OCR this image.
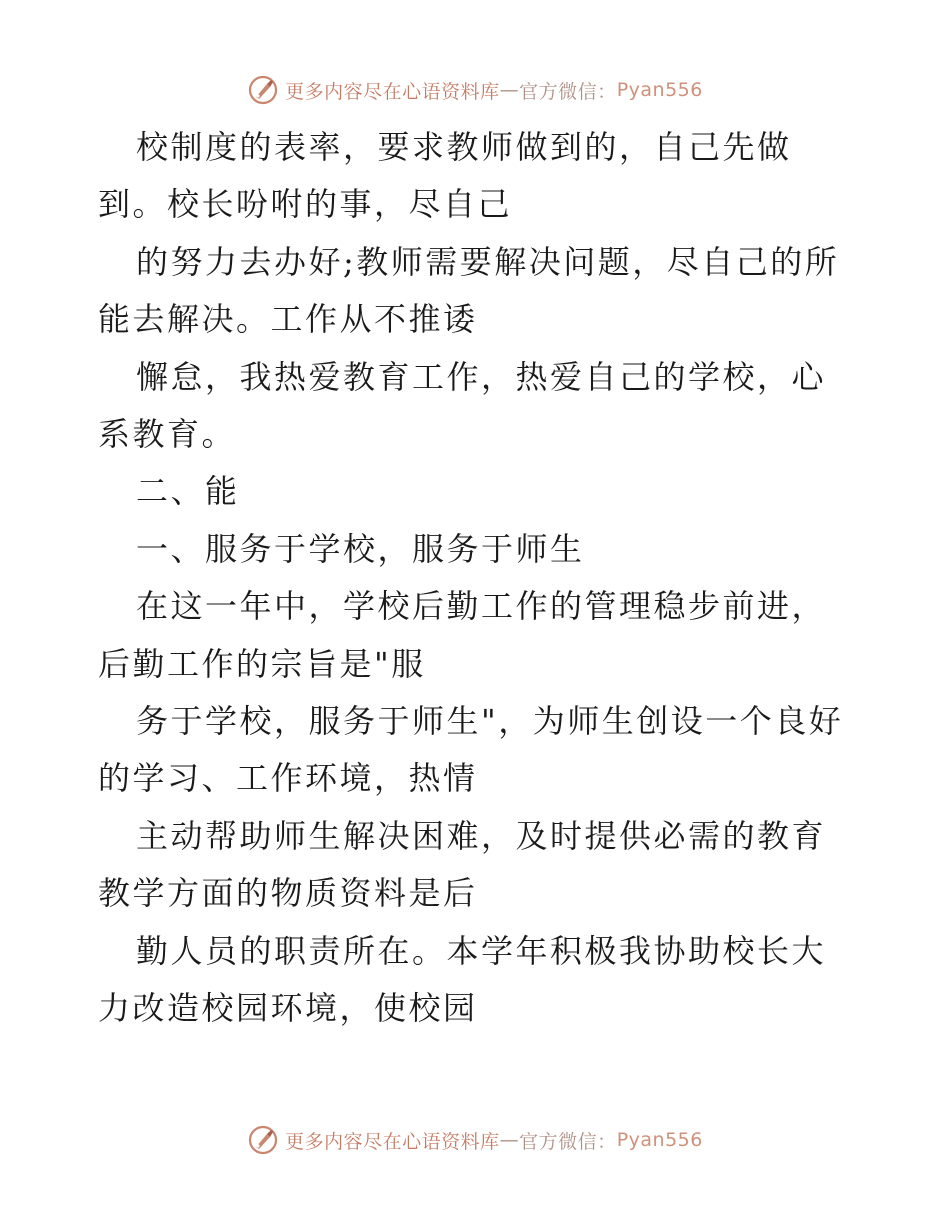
更多内容尽在心语资料库 — 官方微信： Pyan556

校制度的表率，要求教师做到的，自己先做到。校长吩咐的事，尽自己

的努力去办好;教师需要解决问题，尽自己的所能去解决。工作从不推诿

懈怠，我热爱教育工作，热爱自己的学校，心系教育。

二、能

一、服务于学校，服务于师生

在这一年中，学校后勤工作的管理稳步前进，后勤工作的宗旨是"服

务于学校，服务于师生"，为师生创设一个良好的学习、工作环境，热情

主动帮助师生解决困难，及时提供必需的教育教学方面的物质资料是后

勤人员的职责所在。本学年积极我协助校长大力改造校园环境，使校园

更多内容尽在心语资料库 — 官方微信： Pyan556
